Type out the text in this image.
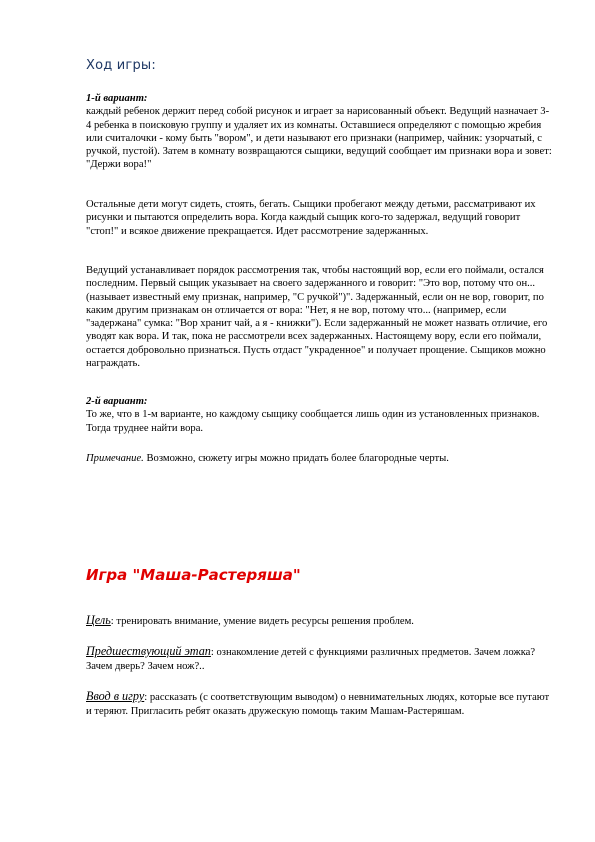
Ход игры:
1-й вариант:
каждый ребенок держит перед собой рисунок и играет за нарисованный объект. Ведущий назначает 3-4 ребенка в поисковую группу и удаляет их из комнаты. Оставшиеся определяют с помощью жребия или считалочки - кому быть "вором", и дети называют его признаки (например, чайник: узорчатый, с ручкой, пустой). Затем в комнату возвращаются сыщики, ведущий сообщает им признаки вора и зовет: "Держи вора!"
Остальные дети могут сидеть, стоять, бегать. Сыщики пробегают между детьми, рассматривают их рисунки и пытаются определить вора. Когда каждый сыщик кого-то задержал, ведущий говорит "стоп!" и всякое движение прекращается. Идет рассмотрение задержанных.
Ведущий устанавливает порядок рассмотрения так, чтобы настоящий вор, если его поймали, остался последним. Первый сыщик указывает на своего задержанного и говорит: "Это вор, потому что он... (называет известный ему признак, например, "С ручкой")". Задержанный, если он не вор, говорит, по каким другим признакам он отличается от вора: "Нет, я не вор, потому что... (например, если "задержана" сумка: "Вор хранит чай, а я - книжки"). Если задержанный не может назвать отличие, его уводят как вора. И так, пока не рассмотрели всех задержанных. Настоящему вору, если его поймали, остается добровольно признаться. Пусть отдаст "украденное" и получает прощение. Сыщиков можно награждать.
2-й вариант:
То же, что в 1-м варианте, но каждому сыщику сообщается лишь один из установленных признаков. Тогда труднее найти вора.
Примечание. Возможно, сюжету игры можно придать более благородные черты.
Игра "Маша-Растеряша"
Цель: тренировать внимание, умение видеть ресурсы решения проблем.
Предшествующий этап: ознакомление детей с функциями различных предметов. Зачем ложка? Зачем дверь? Зачем нож?..
Ввод в игру: рассказать (с соответствующим выводом) о невнимательных людях, которые все путают и теряют. Пригласить ребят оказать дружескую помощь таким Машам-Растеряшам.
